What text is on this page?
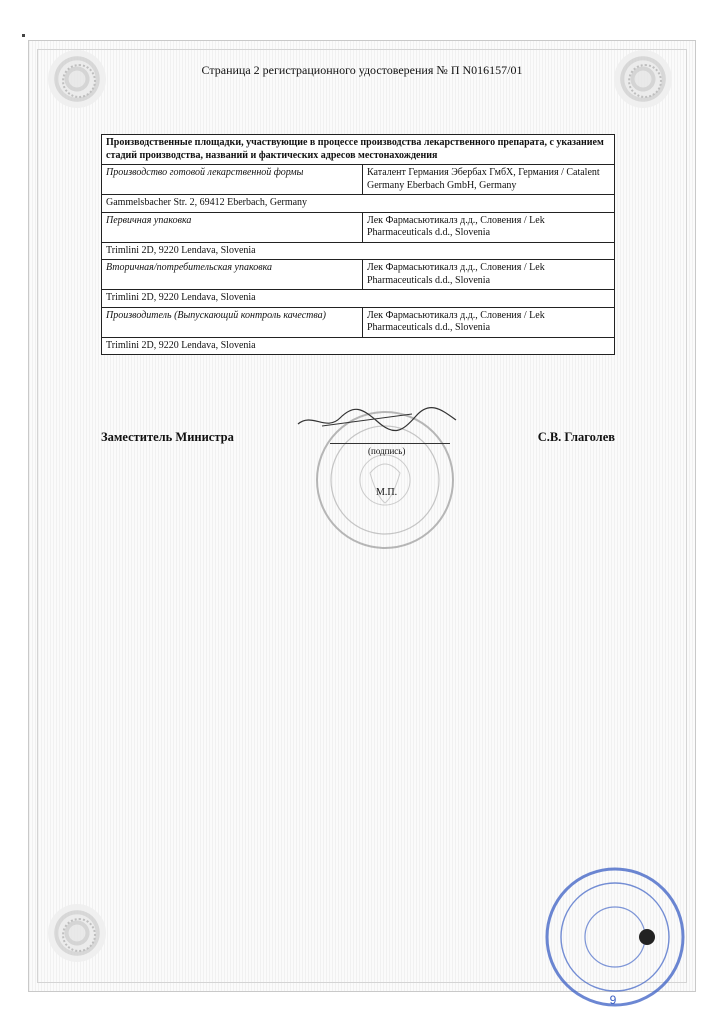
Страница 2 регистрационного удостоверения № П N016157/01
Производственные площадки, участвующие в процессе производства лекарственного препарата, с указанием стадий производства, названий и фактических адресов местонахождения	
Производство готовой лекарственной формы	Каталент Германия Эбербах ГмбХ, Германия / Catalent Germany Eberbach GmbH, Germany
Gammelsbacher Str. 2, 69412 Eberbach, Germany	
Первичная упаковка	Лек Фармасьютикалз д.д., Словения / Lek Pharmaceuticals d.d., Slovenia
Trimlini 2D, 9220 Lendava, Slovenia	
Вторичная/потребительская упаковка	Лек Фармасьютикалз д.д., Словения / Lek Pharmaceuticals d.d., Slovenia
Trimlini 2D, 9220 Lendava, Slovenia	
Производитель (Выпускающий контроль качества)	Лек Фармасьютикалз д.д., Словения / Lek Pharmaceuticals d.d., Slovenia
Trimlini 2D, 9220 Lendava, Slovenia	
Заместитель Министра	С.В. Глаголев
(подпись)
М.П.
9
